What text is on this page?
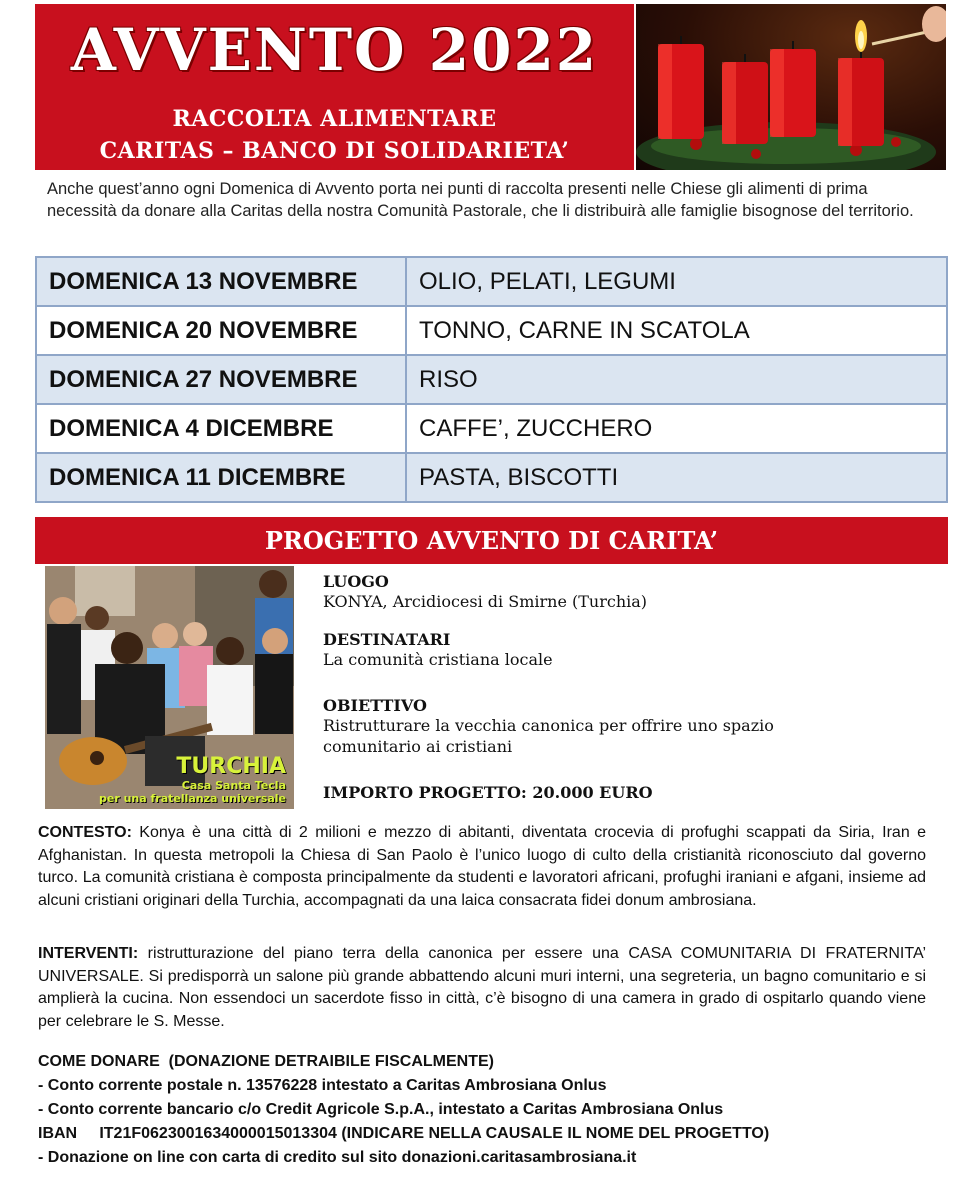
AVVENTO 2022
RACCOLTA ALIMENTARE
CARITAS – BANCO DI SOLIDARIETA’

Anche quest’anno ogni Domenica di Avvento porta nei punti di raccolta presenti nelle Chiese gli alimenti di prima necessità da donare alla Caritas della nostra Comunità Pastorale, che li distribuirà alle famiglie bisognose del territorio.

DOMENICA 13 NOVEMBRE	OLIO, PELATI, LEGUMI
DOMENICA 20 NOVEMBRE	TONNO, CARNE IN SCATOLA
DOMENICA 27 NOVEMBRE	RISO
DOMENICA 4 DICEMBRE	CAFFE’, ZUCCHERO
DOMENICA 11 DICEMBRE	PASTA, BISCOTTI
PROGETTO AVVENTO DI CARITA’
TURCHIA
Casa Santa Tecla
per una fratellanza universale
LUOGO
KONYA, Arcidiocesi di Smirne (Turchia)
DESTINATARI
La comunità cristiana locale
OBIETTIVO
Ristrutturare la vecchia canonica per offrire uno spazio
comunitario ai cristiani
IMPORTO PROGETTO: 20.000 EURO

CONTESTO: Konya è una città di 2 milioni e mezzo di abitanti, diventata crocevia di profughi scappati da Siria, Iran e Afghanistan. In questa metropoli la Chiesa di San Paolo è l’unico luogo di culto della cristianità riconosciuto dal governo turco. La comunità cristiana è composta principalmente da studenti e lavoratori africani, profughi iraniani e afgani, insieme ad alcuni cristiani originari della Turchia, accompagnati da una laica consacrata fidei donum ambrosiana.

INTERVENTI: ristrutturazione del piano terra della canonica per essere una CASA COMUNITARIA DI FRATERNITA’ UNIVERSALE. Si predisporrà un salone più grande abbattendo alcuni muri interni, una segreteria, un bagno comunitario e si amplierà la cucina. Non essendoci un sacerdote fisso in città, c’è bisogno di una camera in grado di ospitarlo quando viene per celebrare le S. Messe.

COME DONARE  (DONAZIONE DETRAIBILE FISCALMENTE)
- Conto corrente postale n. 13576228 intestato a Caritas Ambrosiana Onlus
- Conto corrente bancario c/o Credit Agricole S.p.A., intestato a Caritas Ambrosiana Onlus
IBAN     IT21F0623001634000015013304 (INDICARE NELLA CAUSALE IL NOME DEL PROGETTO)
- Donazione on line con carta di credito sul sito donazioni.caritasambrosiana.it
